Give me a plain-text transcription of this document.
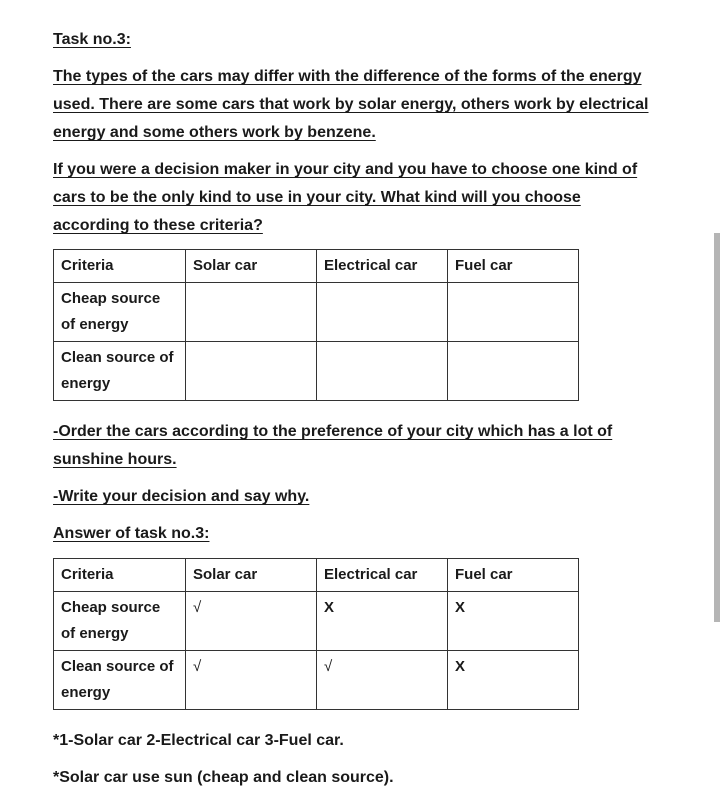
Task no.3:

The types of the cars may differ with the difference of the forms of the energy used. There are some cars that work by solar energy, others work by electrical energy and some others work by benzene.

If you were a decision maker in your city and you have to choose one kind of cars to be the only kind to use in your city. What kind will you choose according to these criteria?

Criteria	Solar car	Electrical car	Fuel car
Cheap source of energy			
Clean source of energy			

-Order the cars according to the preference of your city which has a lot of sunshine hours.

-Write your decision and say why.

Answer of task no.3:

Criteria	Solar car	Electrical car	Fuel car
Cheap source of energy	√	X	X
Clean source of energy	√	√	X

*1-Solar car 2-Electrical car 3-Fuel car.

*Solar car use sun (cheap and clean source).
